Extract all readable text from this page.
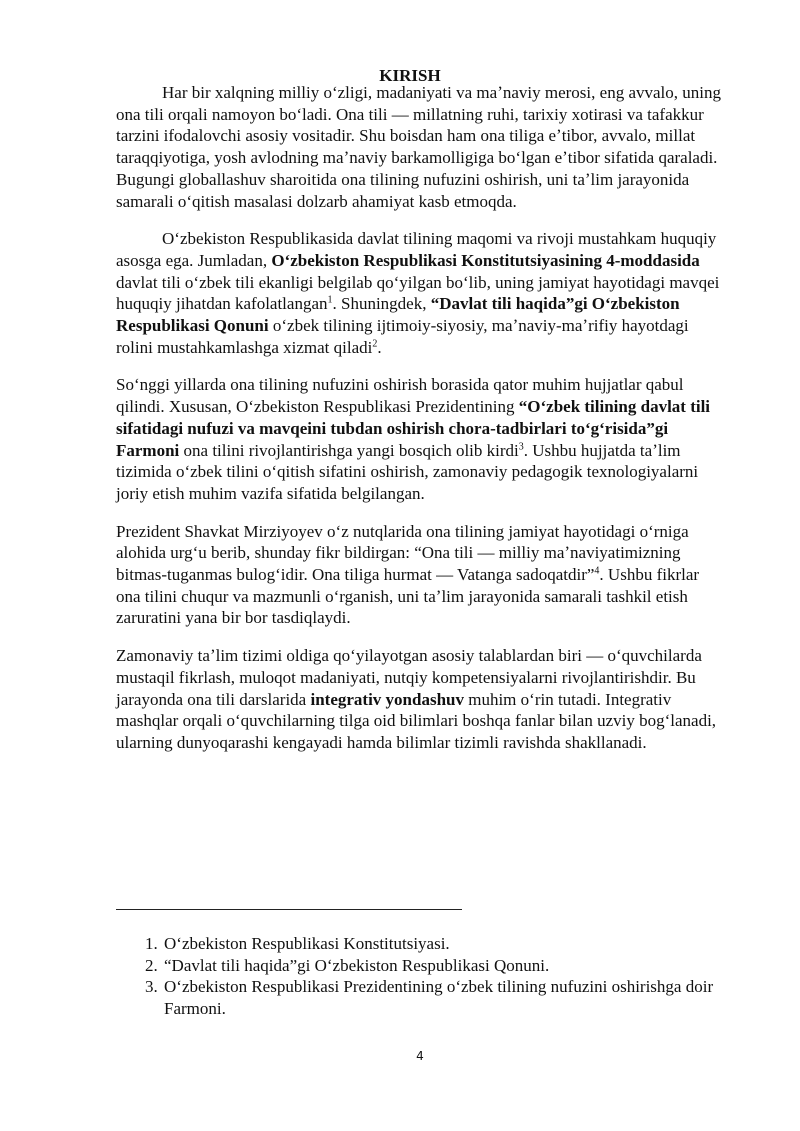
KIRISH

Har bir xalqning milliy oʻzligi, madaniyati va maʼnaviy merosi, eng avvalo, uning ona tili orqali namoyon boʻladi. Ona tili — millatning ruhi, tarixiy xotirasi va tafakkur tarzini ifodalovchi asosiy vositadir. Shu boisdan ham ona tiliga eʼtibor, avvalo, millat taraqqiyotiga, yosh avlodning maʼnaviy barkamolligiga boʻlgan eʼtibor sifatida qaraladi. Bugungi globallashuv sharoitida ona tilining nufuzini oshirish, uni taʼlim jarayonida samarali oʻqitish masalasi dolzarb ahamiyat kasb etmoqda.

Oʻzbekiston Respublikasida davlat tilining maqomi va rivoji mustahkam huquqiy asosga ega. Jumladan, Oʻzbekiston Respublikasi Konstitutsiyasining 4-moddasida davlat tili oʻzbek tili ekanligi belgilab qoʻyilgan boʻlib, uning jamiyat hayotidagi mavqei huquqiy jihatdan kafolatlangan$^1$. Shuningdek, “Davlat tili haqida”gi Oʻzbekiston Respublikasi Qonuni oʻzbek tilining ijtimoiy-siyosiy, maʼnaviy-maʼrifiy hayotdagi rolini mustahkamlashga xizmat qiladi$^2$.

Soʻnggi yillarda ona tilining nufuzini oshirish borasida qator muhim hujjatlar qabul qilindi. Xususan, Oʻzbekiston Respublikasi Prezidentining “Oʻzbek tilining davlat tili sifatidagi nufuzi va mavqeini tubdan oshirish chora-tadbirlari toʻgʻrisida”gi Farmoni ona tilini rivojlantirishga yangi bosqich olib kirdi$^3$. Ushbu hujjatda taʼlim tizimida oʻzbek tilini oʻqitish sifatini oshirish, zamonaviy pedagogik texnologiyalarni joriy etish muhim vazifa sifatida belgilangan.

Prezident Shavkat Mirziyoyev oʻz nutqlarida ona tilining jamiyat hayotidagi oʻrniga alohida urgʻu berib, shunday fikr bildirgan: “Ona tili — milliy maʼnaviyatimizning bitmas-tuganmas bulogʻidir. Ona tiliga hurmat — Vatanga sadoqatdir”$^4$. Ushbu fikrlar ona tilini chuqur va mazmunli oʻrganish, uni taʼlim jarayonida samarali tashkil etish zaruratini yana bir bor tasdiqlaydi.

Zamonaviy taʼlim tizimi oldiga qoʻyilayotgan asosiy talablardan biri — oʻquvchilarda mustaqil fikrlash, muloqot madaniyati, nutqiy kompetensiyalarni rivojlantirishdir. Bu jarayonda ona tili darslarida integrativ yondashuv muhim oʻrin tutadi. Integrativ mashqlar orqali oʻquvchilarning tilga oid bilimlari boshqa fanlar bilan uzviy bogʻlanadi, ularning dunyoqarashi kengayadi hamda bilimlar tizimli ravishda shakllanadi.

1. Oʻzbekiston Respublikasi Konstitutsiyasi.
2. “Davlat tili haqida”gi Oʻzbekiston Respublikasi Qonuni.
3. Oʻzbekiston Respublikasi Prezidentining oʻzbek tilining nufuzini oshirishga doir Farmoni.
4
